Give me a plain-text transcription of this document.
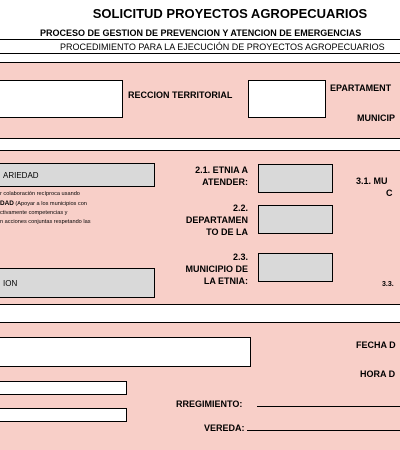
SOLICITUD PROYECTOS AGROPECUARIOS
PROCESO DE GESTION DE PREVENCION Y ATENCION DE EMERGENCIAS
PROCEDIMIENTO PARA LA EJECUCIÓN DE PROYECTOS AGROPECUARIOS
RECCION TERRITORIAL
EPARTAMENT
MUNICIP
ARIEDAD
r colaboración recíproca usando
DAD (Apoyar a los municipios con
ctivamente competencias y
n acciones conjuntas respetando las
ION
2.1. ETNIA A
ATENDER:
2.2.
DEPARTAMEN
TO DE LA
2.3.
MUNICIPIO DE
LA ETNIA:
3.1. MU
C
3.3.
FECHA D
HORA D
RREGIMIENTO:
VEREDA:
